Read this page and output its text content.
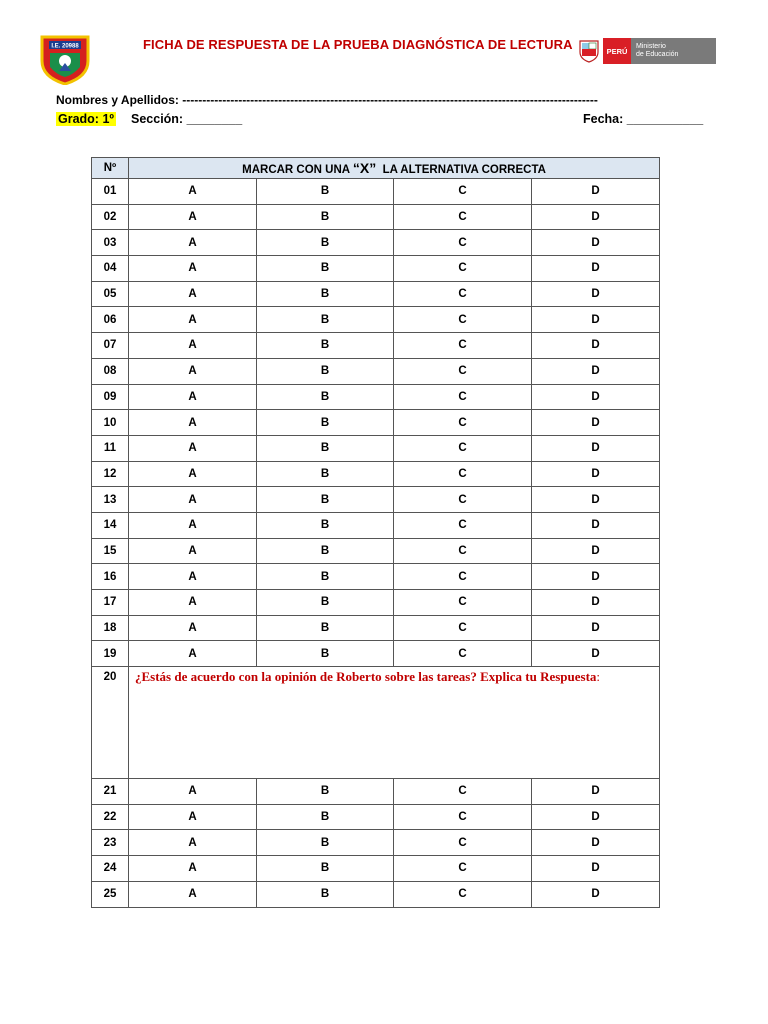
I.E. 20988	FICHA DE RESPUESTA DE LA PRUEBA DIAGNÓSTICA DE LECTURA	PERÚ	Ministerio
de Educación
Nombres y Apellidos: --------------------------------------------------------------------------------------------------------
Grado: 1º Sección: ________	Fecha: ___________
Nº	MARCAR CON UNA “X”  LA ALTERNATIVA CORRECTA			
01	A	B	C	D
02	A	B	C	D
03	A	B	C	D
04	A	B	C	D
05	A	B	C	D
06	A	B	C	D
07	A	B	C	D
08	A	B	C	D
09	A	B	C	D
10	A	B	C	D
11	A	B	C	D
12	A	B	C	D
13	A	B	C	D
14	A	B	C	D
15	A	B	C	D
16	A	B	C	D
17	A	B	C	D
18	A	B	C	D
19	A	B	C	D
20	¿Estás de acuerdo con la opinión de Roberto sobre las tareas? Explica tu Respuesta:			
21	A	B	C	D
22	A	B	C	D
23	A	B	C	D
24	A	B	C	D
25	A	B	C	D
